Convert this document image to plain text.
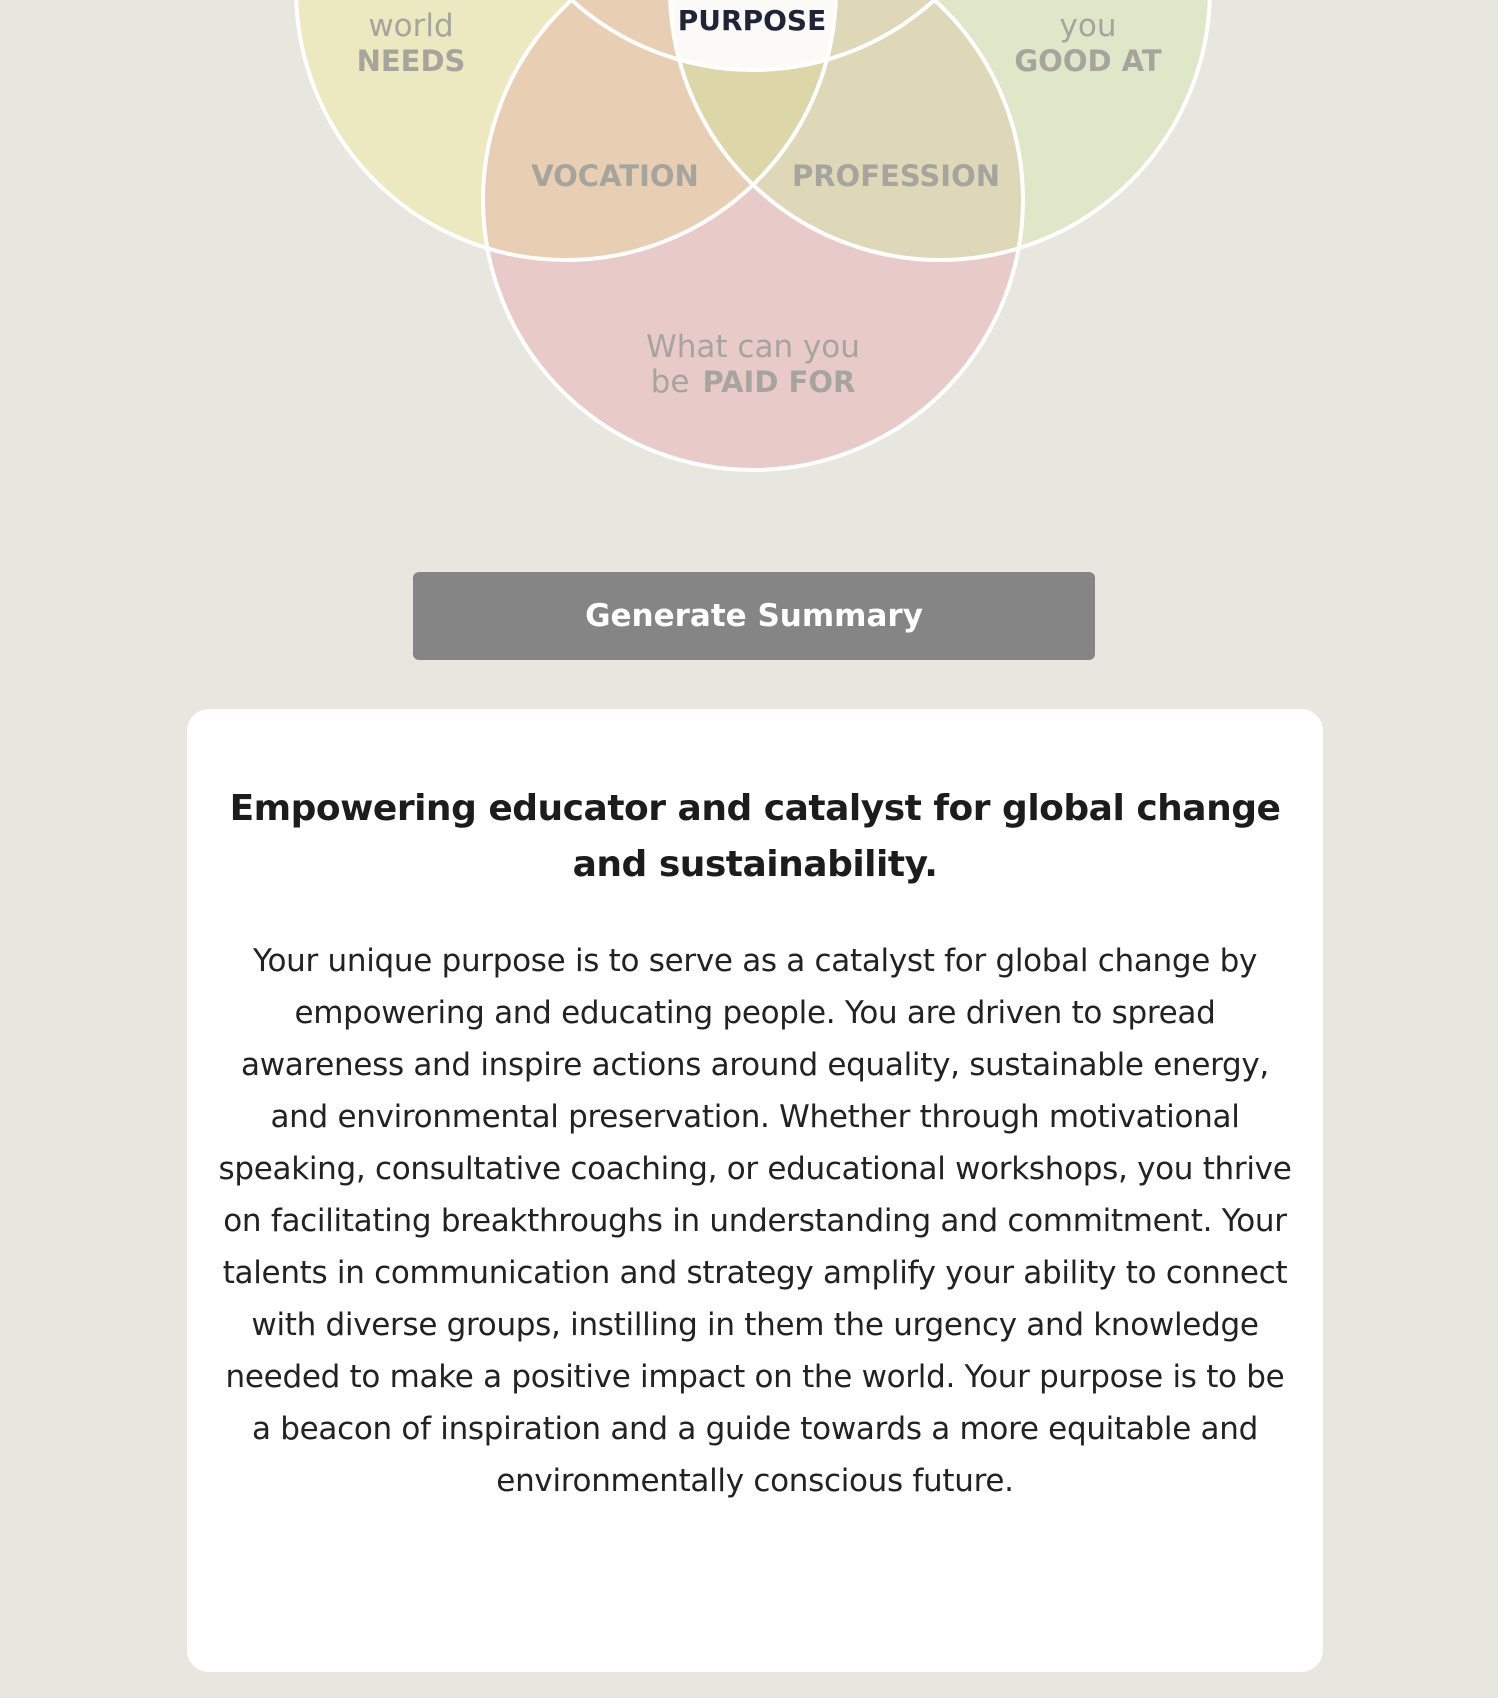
world
NEEDS
you
GOOD AT
PURPOSE
VOCATION	PROFESSION
What can you
be PAID FOR
Generate Summary
Empowering educator and catalyst for global change and sustainability.

Your unique purpose is to serve as a catalyst for global change by empowering and educating people. You are driven to spread awareness and inspire actions around equality, sustainable energy, and environmental preservation. Whether through motivational speaking, consultative coaching, or educational workshops, you thrive on facilitating breakthroughs in understanding and commitment. Your talents in communication and strategy amplify your ability to connect with diverse groups, instilling in them the urgency and knowledge needed to make a positive impact on the world. Your purpose is to be a beacon of inspiration and a guide towards a more equitable and environmentally conscious future.
